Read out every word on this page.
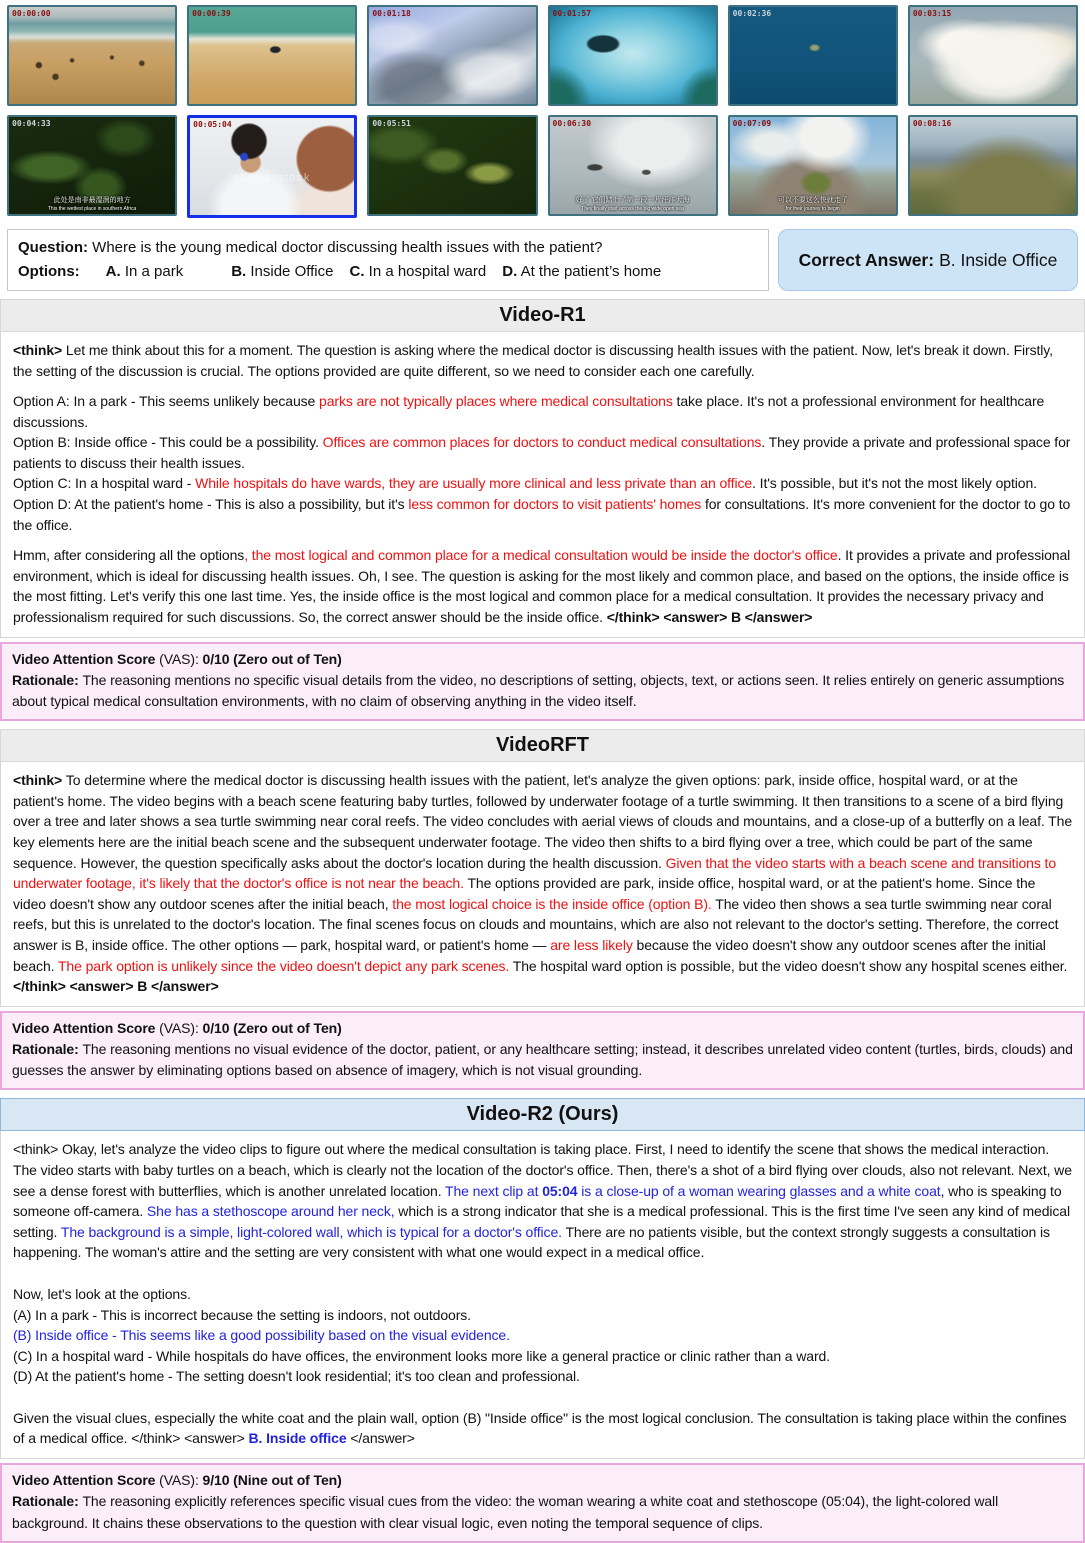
00:00:00	00:00:39	00:01:18	00:01:57	00:02:36	00:03:15
00:04:33
此处是南非最湿润的地方
This the wettest place in southern Africa
00:05:04
shutterstock
00:05:51	00:06:30
好了 它们踏上了第一段一片汪洋大海
They finally start across the big wide open sea
00:07:09
可以不要这么快就走了
for their journey to begin
00:08:16
Question: Where is the young medical doctor discussing health issues with the patient?
Options: A. In a park	B. Inside Office C. In a hospital ward D. At the patient’s home
Correct Answer: B. Inside Office
Video-R1

<think> Let me think about this for a moment. The question is asking where the medical doctor is discussing health issues with the patient. Now, let's break it down. Firstly, the setting of the discussion is crucial. The options provided are quite different, so we need to consider each one carefully.

Option A: In a park - This seems unlikely because parks are not typically places where medical consultations take place. It's not a professional environment for healthcare discussions.

Option B: Inside office - This could be a possibility. Offices are common places for doctors to conduct medical consultations. They provide a private and professional space for patients to discuss their health issues.

Option C: In a hospital ward - While hospitals do have wards, they are usually more clinical and less private than an office. It's possible, but it's not the most likely option.

Option D: At the patient's home - This is also a possibility, but it's less common for doctors to visit patients' homes for consultations. It's more convenient for the doctor to go to the office.

Hmm, after considering all the options, the most logical and common place for a medical consultation would be inside the doctor's office. It provides a private and professional environment, which is ideal for discussing health issues. Oh, I see. The question is asking for the most likely and common place, and based on the options, the inside office is the most fitting. Let's verify this one last time. Yes, the inside office is the most logical and common place for a medical consultation. It provides the necessary privacy and professionalism required for such discussions. So, the correct answer should be the inside office. </think> <answer> B </answer>

Video Attention Score (VAS): 0/10 (Zero out of Ten)

Rationale: The reasoning mentions no specific visual details from the video, no descriptions of setting, objects, text, or actions seen. It relies entirely on generic assumptions about typical medical consultation environments, with no claim of observing anything in the video itself.

VideoRFT

<think> To determine where the medical doctor is discussing health issues with the patient, let's analyze the given options: park, inside office, hospital ward, or at the patient's home. The video begins with a beach scene featuring baby turtles, followed by underwater footage of a turtle swimming. It then transitions to a scene of a bird flying over a tree and later shows a sea turtle swimming near coral reefs. The video concludes with aerial views of clouds and mountains, and a close-up of a butterfly on a leaf. The key elements here are the initial beach scene and the subsequent underwater footage. The video then shifts to a bird flying over a tree, which could be part of the same sequence. However, the question specifically asks about the doctor's location during the health discussion. Given that the video starts with a beach scene and transitions to underwater footage, it's likely that the doctor's office is not near the beach. The options provided are park, inside office, hospital ward, or at the patient's home. Since the video doesn't show any outdoor scenes after the initial beach, the most logical choice is the inside office (option B). The video then shows a sea turtle swimming near coral reefs, but this is unrelated to the doctor's location. The final scenes focus on clouds and mountains, which are also not relevant to the doctor's setting. Therefore, the correct answer is B, inside office. The other options — park, hospital ward, or patient's home — are less likely because the video doesn't show any outdoor scenes after the initial beach. The park option is unlikely since the video doesn't depict any park scenes. The hospital ward option is possible, but the video doesn't show any hospital scenes either. </think> <answer> B </answer>

Video Attention Score (VAS): 0/10 (Zero out of Ten)

Rationale: The reasoning mentions no visual evidence of the doctor, patient, or any healthcare setting; instead, it describes unrelated video content (turtles, birds, clouds) and guesses the answer by eliminating options based on absence of imagery, which is not visual grounding.

Video-R2 (Ours)

<think> Okay, let's analyze the video clips to figure out where the medical consultation is taking place. First, I need to identify the scene that shows the medical interaction. The video starts with baby turtles on a beach, which is clearly not the location of the doctor's office. Then, there's a shot of a bird flying over clouds, also not relevant. Next, we see a dense forest with butterflies, which is another unrelated location. The next clip at 05:04 is a close-up of a woman wearing glasses and a white coat, who is speaking to someone off-camera. She has a stethoscope around her neck, which is a strong indicator that she is a medical professional. This is the first time I've seen any kind of medical setting. The background is a simple, light-colored wall, which is typical for a doctor's office. There are no patients visible, but the context strongly suggests a consultation is happening. The woman's attire and the setting are very consistent with what one would expect in a medical office.

Now, let's look at the options.

(A) In a park - This is incorrect because the setting is indoors, not outdoors.

(B) Inside office - This seems like a good possibility based on the visual evidence.

(C) In a hospital ward - While hospitals do have offices, the environment looks more like a general practice or clinic rather than a ward.

(D) At the patient's home - The setting doesn't look residential; it's too clean and professional.

Given the visual clues, especially the white coat and the plain wall, option (B) "Inside office" is the most logical conclusion. The consultation is taking place within the confines of a medical office. </think> <answer> B. Inside office </answer>

Video Attention Score (VAS): 9/10 (Nine out of Ten)

Rationale: The reasoning explicitly references specific visual cues from the video: the woman wearing a white coat and stethoscope (05:04), the light-colored wall background. It chains these observations to the question with clear visual logic, even noting the temporal sequence of clips.
